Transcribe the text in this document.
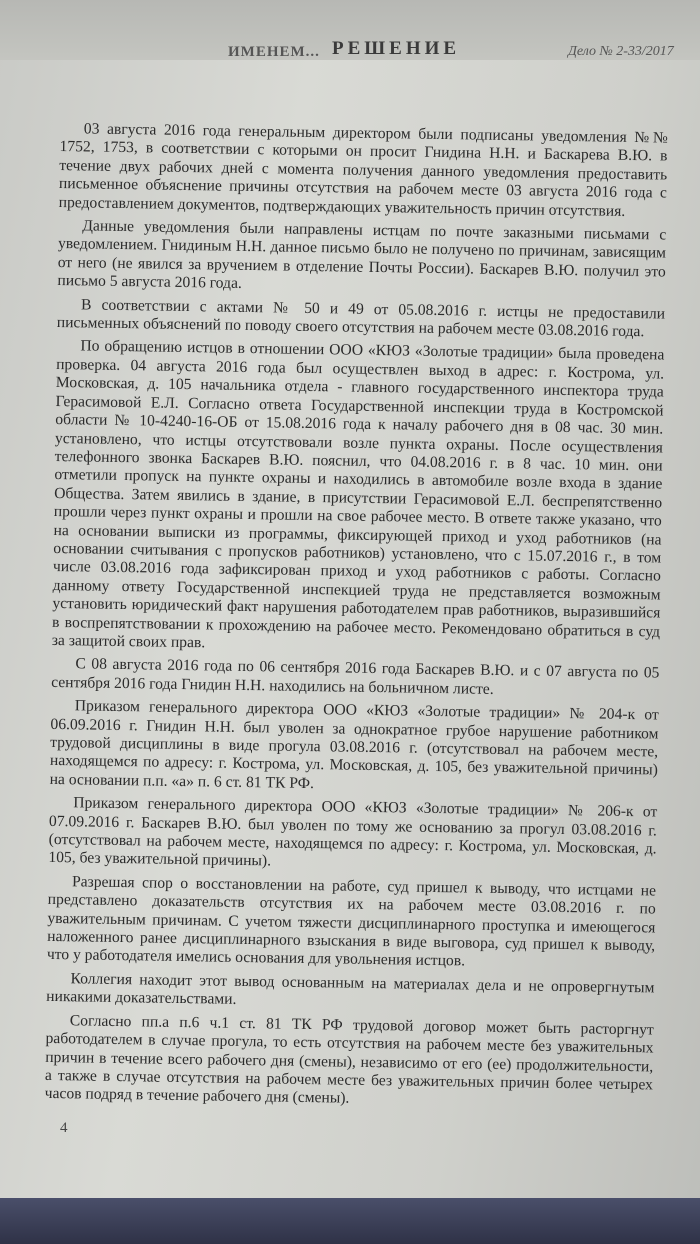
ИМЕНЕМ... РЕШЕНИЕ	Дело № 2-33/2017

03 августа 2016 года генеральным директором были подписаны уведомления №№ 1752, 1753, в соответствии с которыми он просит Гнидина Н.Н. и Баскарева В.Ю. в течение двух рабочих дней с момента получения данного уведомления предоставить письменное объяснение причины отсутствия на рабочем месте 03 августа 2016 года с предоставлением документов, подтверждающих уважительность причин отсутствия.

Данные уведомления были направлены истцам по почте заказными письмами с уведомлением. Гнидиным Н.Н. данное письмо было не получено по причинам, зависящим от него (не явился за вручением в отделение Почты России). Баскарев В.Ю. получил это письмо 5 августа 2016 года.

В соответствии с актами № 50 и 49 от 05.08.2016 г. истцы не предоставили письменных объяснений по поводу своего отсутствия на рабочем месте 03.08.2016 года.

По обращению истцов в отношении ООО «КЮЗ «Золотые традиции» была проведена проверка. 04 августа 2016 года был осуществлен выход в адрес: г. Кострома, ул. Московская, д. 105 начальника отдела - главного государственного инспектора труда Герасимовой Е.Л. Согласно ответа Государственной инспекции труда в Костромской области № 10-4240-16-ОБ от 15.08.2016 года к началу рабочего дня в 08 час. 30 мин. установлено, что истцы отсутствовали возле пункта охраны. После осуществления телефонного звонка Баскарев В.Ю. пояснил, что 04.08.2016 г. в 8 час. 10 мин. они отметили пропуск на пункте охраны и находились в автомобиле возле входа в здание Общества. Затем явились в здание, в присутствии Герасимовой Е.Л. беспрепятственно прошли через пункт охраны и прошли на свое рабочее место. В ответе также указано, что на основании выписки из программы, фиксирующей приход и уход работников (на основании считывания с пропусков работников) установлено, что с 15.07.2016 г., в том числе 03.08.2016 года зафиксирован приход и уход работников с работы. Согласно данному ответу Государственной инспекцией труда не представляется возможным установить юридический факт нарушения работодателем прав работников, выразившийся в воспрепятствовании к прохождению на рабочее место. Рекомендовано обратиться в суд за защитой своих прав.

С 08 августа 2016 года по 06 сентября 2016 года Баскарев В.Ю. и с 07 августа по 05 сентября 2016 года Гнидин Н.Н. находились на больничном листе.

Приказом генерального директора ООО «КЮЗ «Золотые традиции» № 204-к от 06.09.2016 г. Гнидин Н.Н. был уволен за однократное грубое нарушение работником трудовой дисциплины в виде прогула 03.08.2016 г. (отсутствовал на рабочем месте, находящемся по адресу: г. Кострома, ул. Московская, д. 105, без уважительной причины) на основании п.п. «а» п. 6 ст. 81 ТК РФ.

Приказом генерального директора ООО «КЮЗ «Золотые традиции» № 206-к от 07.09.2016 г. Баскарев В.Ю. был уволен по тому же основанию за прогул 03.08.2016 г. (отсутствовал на рабочем месте, находящемся по адресу: г. Кострома, ул. Московская, д. 105, без уважительной причины).

Разрешая спор о восстановлении на работе, суд пришел к выводу, что истцами не представлено доказательств отсутствия их на рабочем месте 03.08.2016 г. по уважительным причинам. С учетом тяжести дисциплинарного проступка и имеющегося наложенного ранее дисциплинарного взыскания в виде выговора, суд пришел к выводу, что у работодателя имелись основания для увольнения истцов.

Коллегия находит этот вывод основанным на материалах дела и не опровергнутым никакими доказательствами.

Согласно пп.а п.6 ч.1 ст. 81 ТК РФ трудовой договор может быть расторгнут работодателем в случае прогула, то есть отсутствия на рабочем месте без уважительных причин в течение всего рабочего дня (смены), независимо от его (ее) продолжительности, а также в случае отсутствия на рабочем месте без уважительных причин более четырех часов подряд в течение рабочего дня (смены).

4
